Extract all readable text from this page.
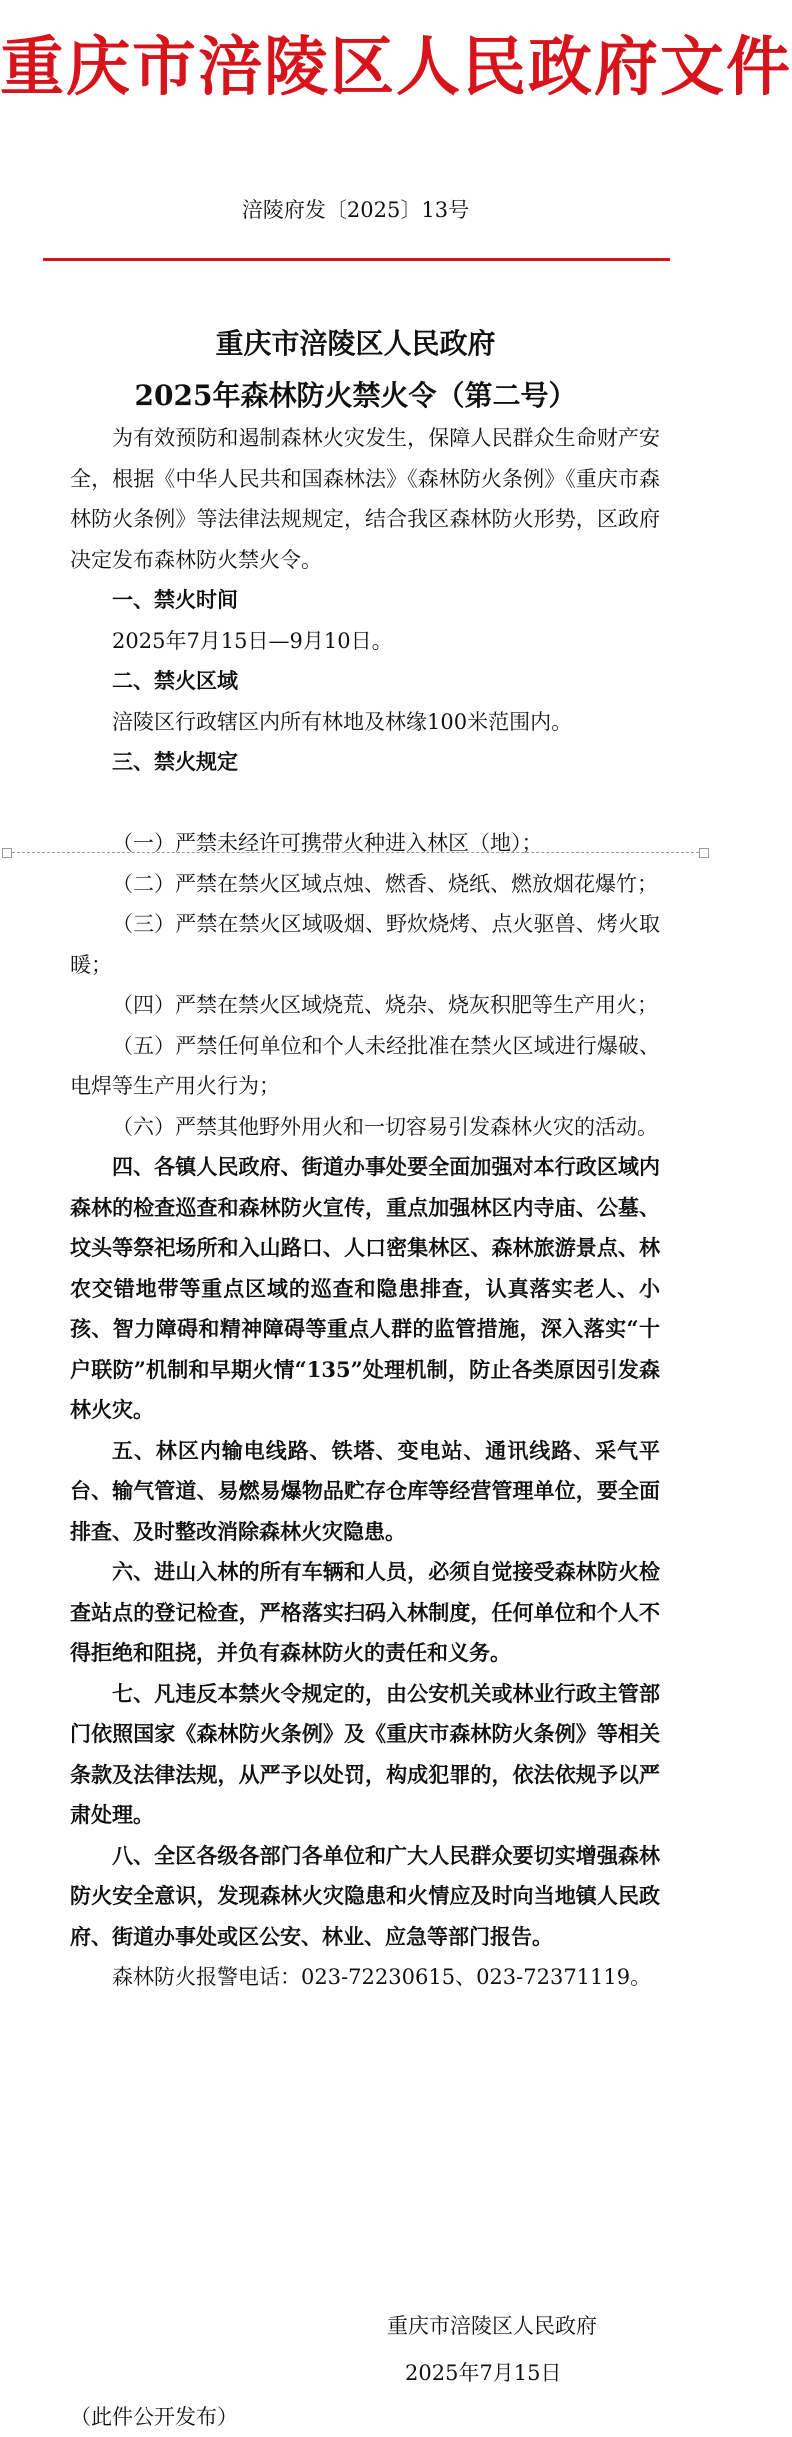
重庆市涪陵区人民政府文件
涪陵府发〔2025〕13号
重庆市涪陵区人民政府
2025年森林防火禁火令（第二号）

为有效预防和遏制森林火灾发生，保障人民群众生命财产安全，根据《中华人民共和国森林法》《森林防火条例》《重庆市森林防火条例》等法律法规规定，结合我区森林防火形势，区政府决定发布森林防火禁火令。

一、禁火时间

2025年7月15日—9月10日。

二、禁火区域

涪陵区行政辖区内所有林地及林缘100米范围内。

三、禁火规定

（一）严禁未经许可携带火种进入林区（地）；

（二）严禁在禁火区域点烛、燃香、烧纸、燃放烟花爆竹；

（三）严禁在禁火区域吸烟、野炊烧烤、点火驱兽、烤火取暖；

（四）严禁在禁火区域烧荒、烧杂、烧灰积肥等生产用火；

（五）严禁任何单位和个人未经批准在禁火区域进行爆破、电焊等生产用火行为；

（六）严禁其他野外用火和一切容易引发森林火灾的活动。

四、各镇人民政府、街道办事处要全面加强对本行政区域内森林的检查巡查和森林防火宣传，重点加强林区内寺庙、公墓、坟头等祭祀场所和入山路口、人口密集林区、森林旅游景点、林农交错地带等重点区域的巡查和隐患排查，认真落实老人、小孩、智力障碍和精神障碍等重点人群的监管措施，深入落实“十户联防”机制和早期火情“135”处理机制，防止各类原因引发森林火灾。

五、林区内输电线路、铁塔、变电站、通讯线路、采气平台、输气管道、易燃易爆物品贮存仓库等经营管理单位，要全面排查、及时整改消除森林火灾隐患。

六、进山入林的所有车辆和人员，必须自觉接受森林防火检查站点的登记检查，严格落实扫码入林制度，任何单位和个人不得拒绝和阻挠，并负有森林防火的责任和义务。

七、凡违反本禁火令规定的，由公安机关或林业行政主管部门依照国家《森林防火条例》及《重庆市森林防火条例》等相关条款及法律法规，从严予以处罚，构成犯罪的，依法依规予以严肃处理。

八、全区各级各部门各单位和广大人民群众要切实增强森林防火安全意识，发现森林火灾隐患和火情应及时向当地镇人民政府、街道办事处或区公安、林业、应急等部门报告。

森林防火报警电话：023-72230615、023-72371119。

重庆市涪陵区人民政府
2025年7月15日
（此件公开发布）
